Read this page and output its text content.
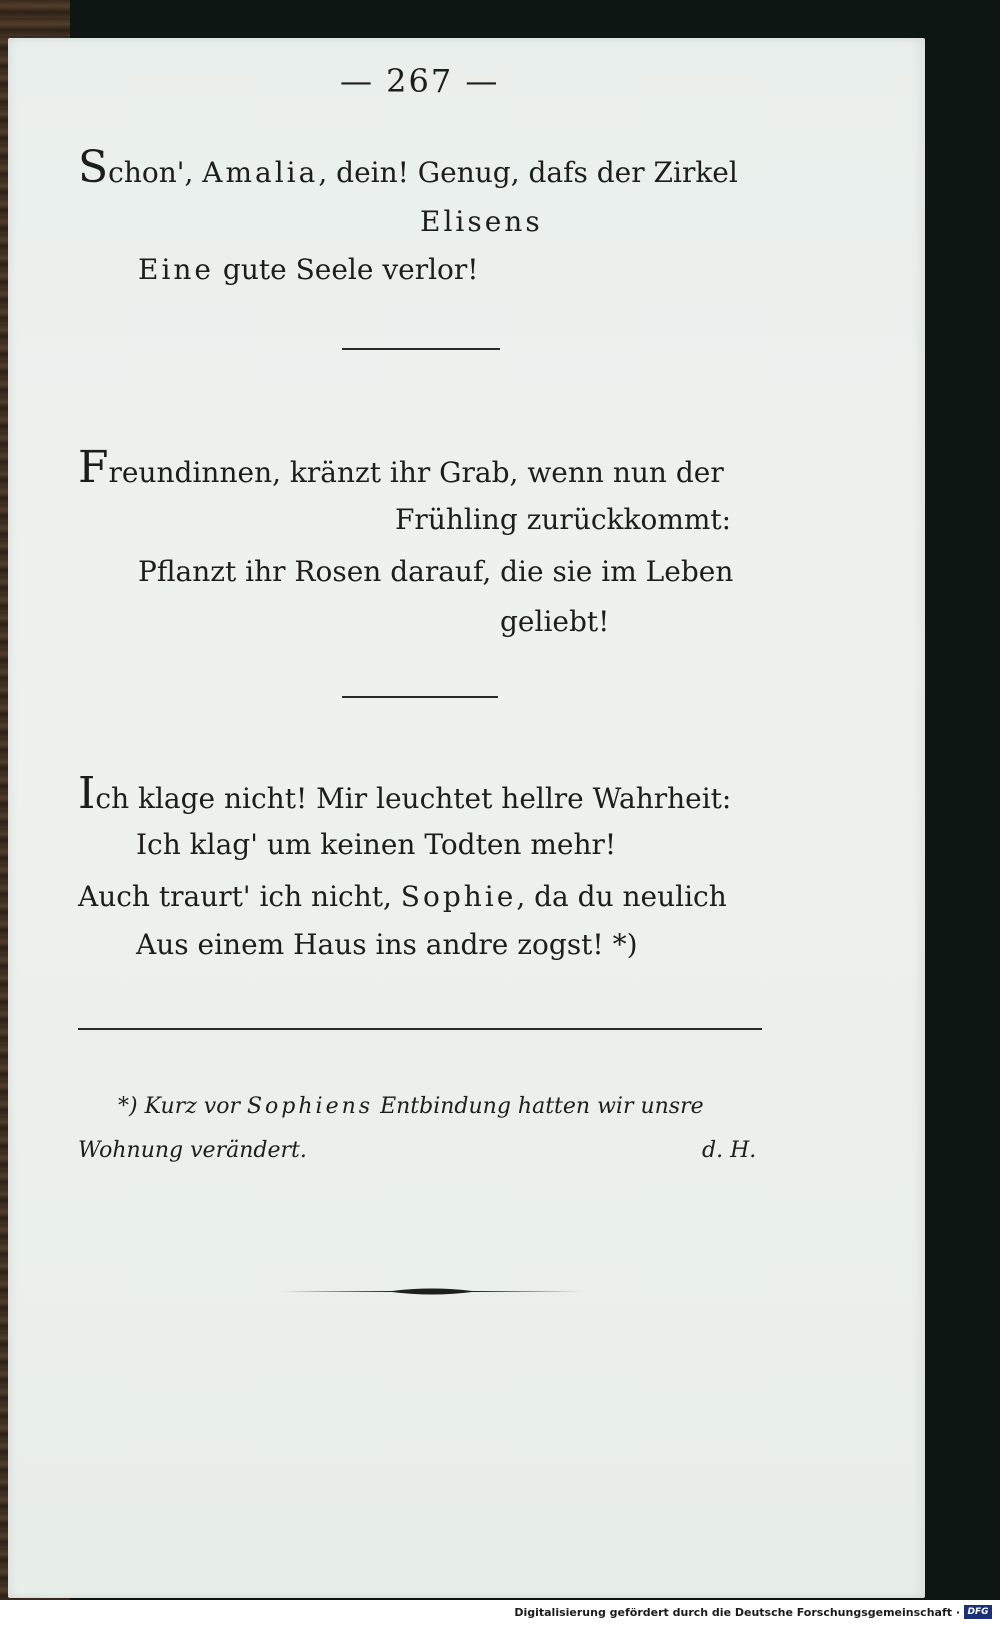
— 267 —
Schon', Amalia, dein! Genug, dafs der Zirkel
Elisens
Eine gute Seele verlor!
Freundinnen, kränzt ihr Grab, wenn nun der
Frühling zurückkommt:
Pflanzt ihr Rosen darauf, die sie im Leben
geliebt!
Ich klage nicht! Mir leuchtet hellre Wahrheit:
Ich klag' um keinen Todten mehr!
Auch traurt' ich nicht, Sophie, da du neulich
Aus einem Haus ins andre zogst! *)
*) Kurz vor Sophiens Entbindung hatten wir unsre
Wohnung verändert.	d. H.
Digitalisierung gefördert durch die Deutsche Forschungsgemeinschaft · DFG
